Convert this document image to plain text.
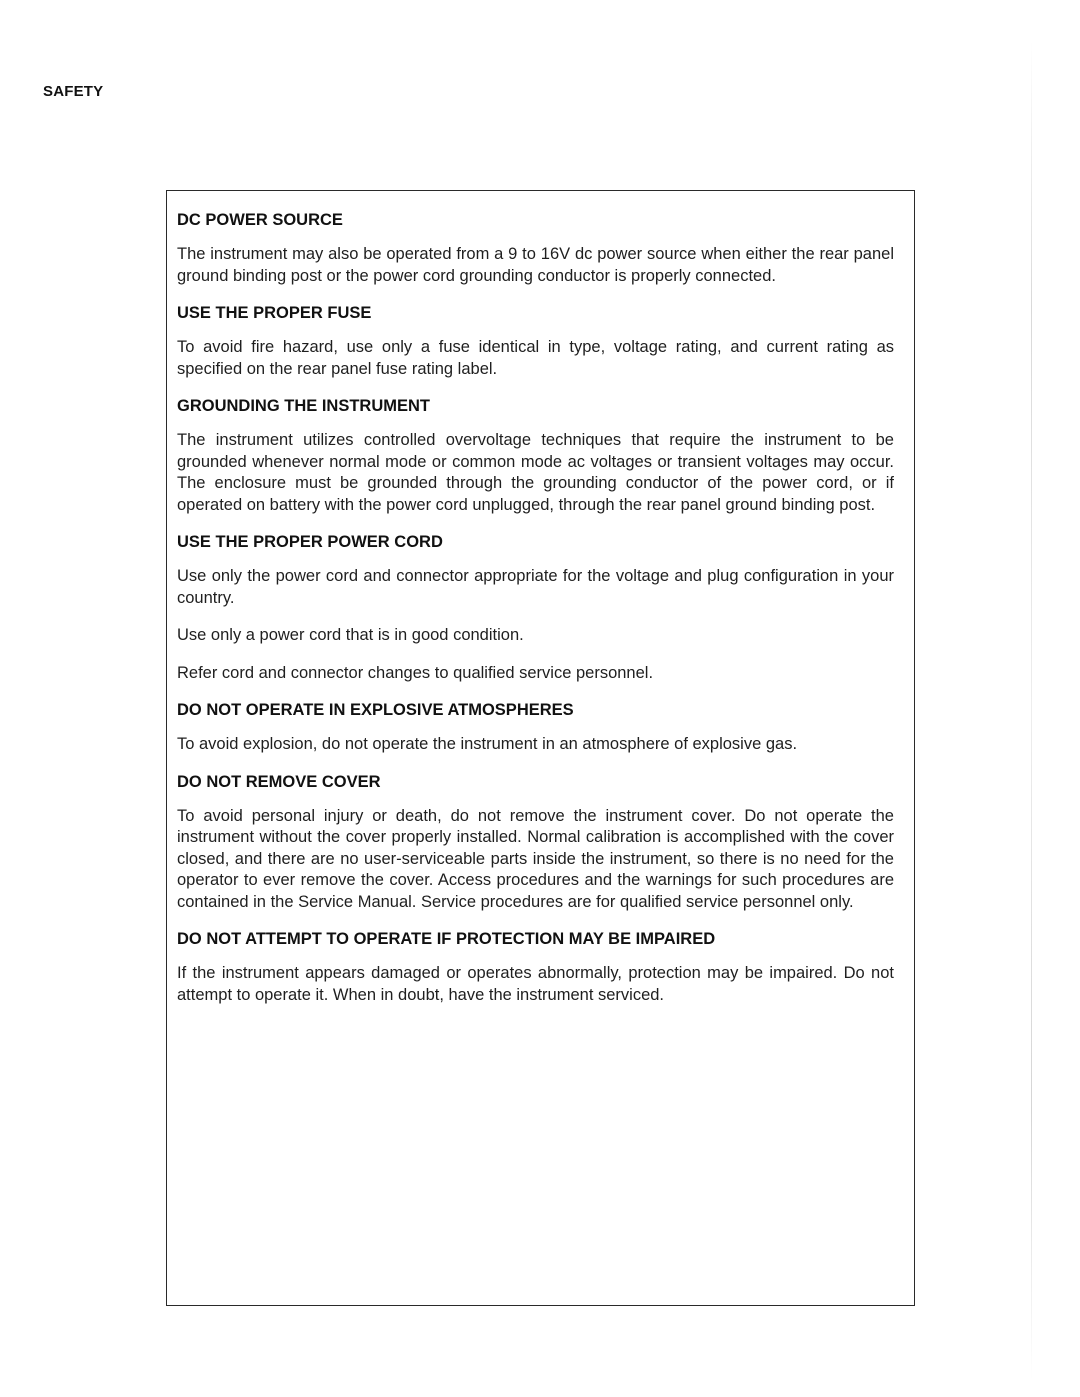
SAFETY
DC POWER SOURCE

The instrument may also be operated from a 9 to 16V dc power source when either the rear panel ground binding post or the power cord grounding conductor is properly connected.

USE THE PROPER FUSE

To avoid fire hazard, use only a fuse identical in type, voltage rating, and current rating as specified on the rear panel fuse rating label.

GROUNDING THE INSTRUMENT

The instrument utilizes controlled overvoltage techniques that require the instrument to be grounded whenever normal mode or common mode ac voltages or transient voltages may occur. The enclosure must be grounded through the grounding conductor of the power cord, or if operated on battery with the power cord unplugged, through the rear panel ground binding post.

USE THE PROPER POWER CORD

Use only the power cord and connector appropriate for the voltage and plug configuration in your country.

Use only a power cord that is in good condition.

Refer cord and connector changes to qualified service personnel.

DO NOT OPERATE IN EXPLOSIVE ATMOSPHERES

To avoid explosion, do not operate the instrument in an atmosphere of explosive gas.

DO NOT REMOVE COVER

To avoid personal injury or death, do not remove the instrument cover. Do not operate the instrument without the cover properly installed. Normal calibration is accomplished with the cover closed, and there are no user-serviceable parts inside the instrument, so there is no need for the operator to ever remove the cover. Access procedures and the warnings for such procedures are contained in the Service Manual. Service procedures are for qualified service personnel only.

DO NOT ATTEMPT TO OPERATE IF PROTECTION MAY BE IMPAIRED

If the instrument appears damaged or operates abnormally, protection may be impaired. Do not attempt to operate it. When in doubt, have the instrument serviced.
